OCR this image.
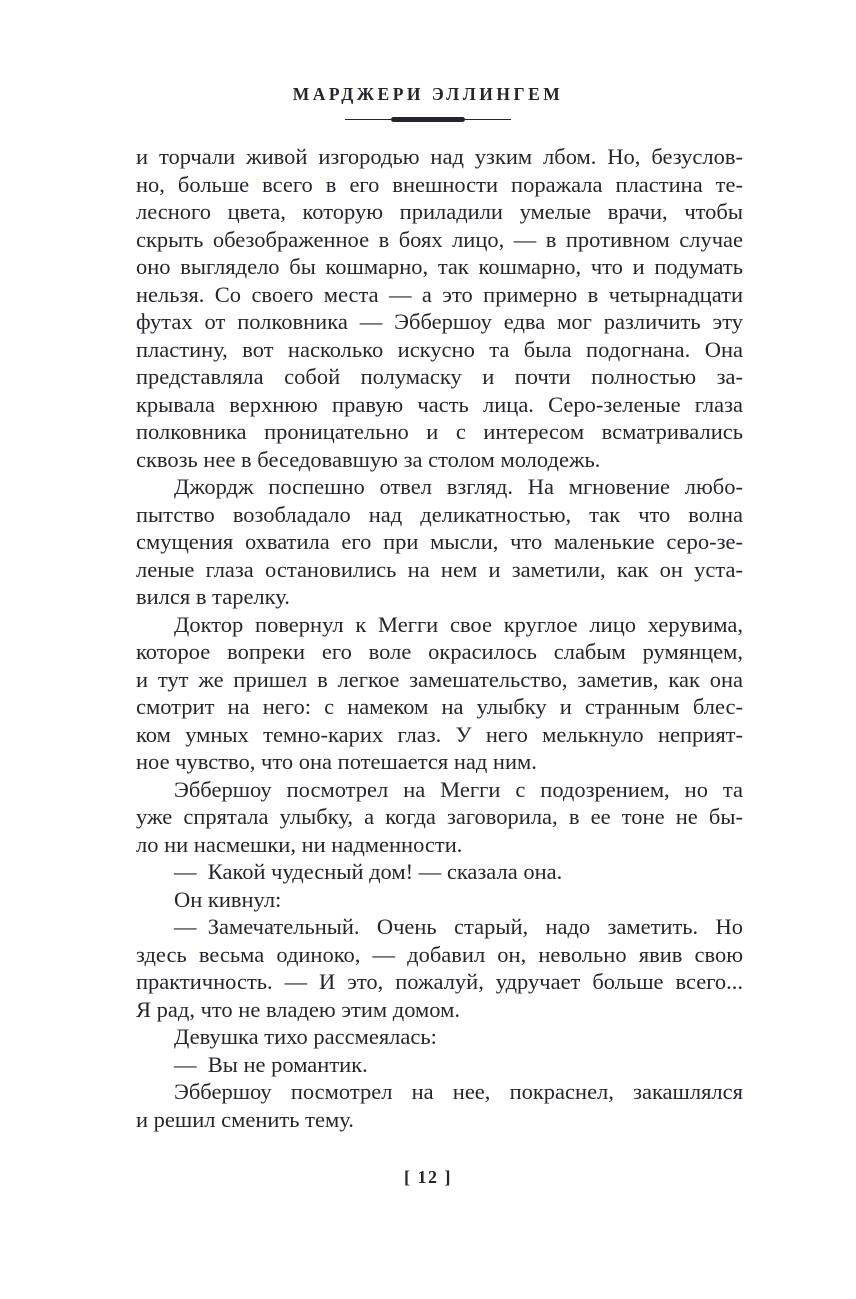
МАРДЖЕРИ ЭЛЛИНГЕМ
и торчали живой изгородью над узким лбом. Но, безуслов-
но, больше всего в его внешности поражала пластина те-
лесного цвета, которую приладили умелые врачи, чтобы
скрыть обезображенное в боях лицо, — в противном случае
оно выглядело бы кошмарно, так кошмарно, что и подумать
нельзя. Со своего места — а это примерно в четырнадцати
футах от полковника — Эббершоу едва мог различить эту
пластину, вот насколько искусно та была подогнана. Она
представляла собой полумаску и почти полностью за-
крывала верхнюю правую часть лица. Серо-зеленые глаза
полковника проницательно и с интересом всматривались
сквозь нее в беседовавшую за столом молодежь.
Джордж поспешно отвел взгляд. На мгновение любо-
пытство возобладало над деликатностью, так что волна
смущения охватила его при мысли, что маленькие серо-зе-
леные глаза остановились на нем и заметили, как он уста-
вился в тарелку.
Доктор повернул к Мегги свое круглое лицо херувима,
которое вопреки его воле окрасилось слабым румянцем,
и тут же пришел в легкое замешательство, заметив, как она
смотрит на него: с намеком на улыбку и странным блес-
ком умных темно-карих глаз. У него мелькнуло неприят-
ное чувство, что она потешается над ним.
Эббершоу посмотрел на Мегги с подозрением, но та
уже спрятала улыбку, а когда заговорила, в ее тоне не бы-
ло ни насмешки, ни надменности.
— Какой чудесный дом! — сказала она.
Он кивнул:
— Замечательный. Очень старый, надо заметить. Но
здесь весьма одиноко, — добавил он, невольно явив свою
практичность. — И это, пожалуй, удручает больше всего...
Я рад, что не владею этим домом.
Девушка тихо рассмеялась:
— Вы не романтик.
Эббершоу посмотрел на нее, покраснел, закашлялся
и решил сменить тему.
[ 12 ]
